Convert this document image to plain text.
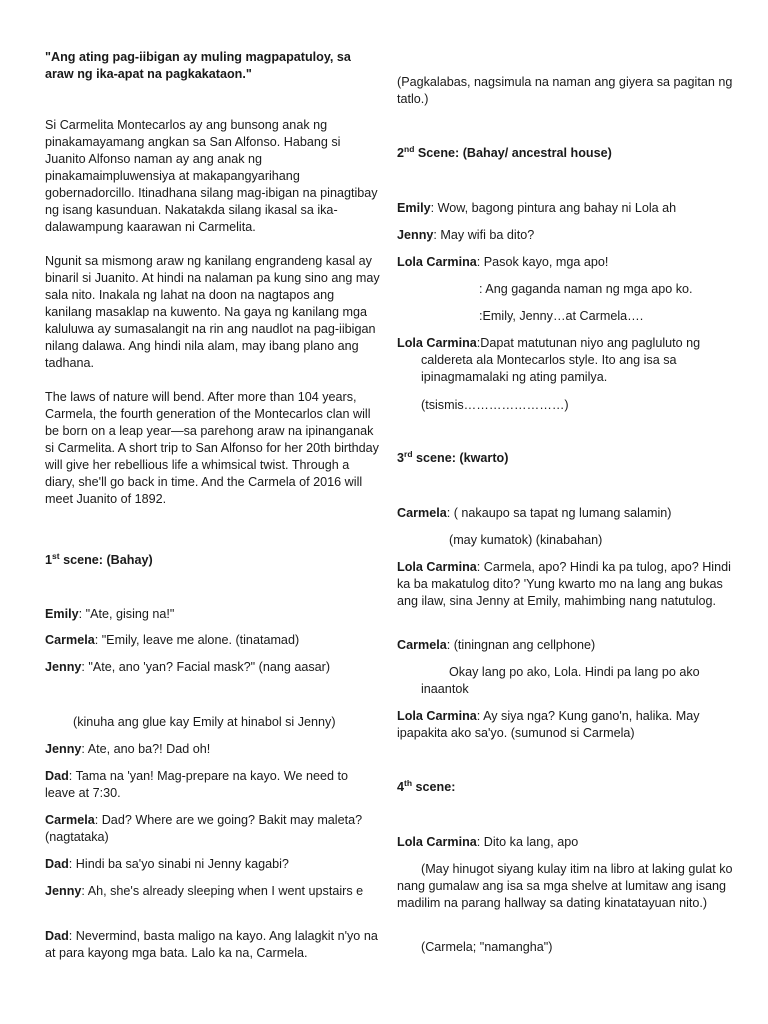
"Ang ating pag-iibigan ay muling magpapatuloy, sa araw ng ika-apat na pagkakataon."

Si Carmelita Montecarlos ay ang bunsong anak ng pinakamayamang angkan sa San Alfonso. Habang si Juanito Alfonso naman ay ang anak ng pinakamaimpluwensiya at makapangyarihang gobernadorcillo. Itinadhana silang mag-ibigan na pinagtibay ng isang kasunduan. Nakatakda silang ikasal sa ika-dalawampung kaarawan ni Carmelita.

Ngunit sa mismong araw ng kanilang engrandeng kasal ay binaril si Juanito. At hindi na nalaman pa kung sino ang may sala nito. Inakala ng lahat na doon na nagtapos ang kanilang masaklap na kuwento. Na gaya ng kanilang mga kaluluwa ay sumasalangit na rin ang naudlot na pag-iibigan nilang dalawa. Ang hindi nila alam, may ibang plano ang tadhana.

The laws of nature will bend. After more than 104 years, Carmela, the fourth generation of the Montecarlos clan will be born on a leap year—sa parehong araw na ipinanganak si Carmelita. A short trip to San Alfonso for her 20th birthday will give her rebellious life a whimsical twist. Through a diary, she'll go back in time. And the Carmela of 2016 will meet Juanito of 1892.

1st scene: (Bahay)

Emily: "Ate, gising na!"

Carmela: "Emily, leave me alone. (tinatamad)

Jenny: "Ate, ano 'yan? Facial mask?" (nang aasar)

(kinuha ang glue kay Emily at hinabol si Jenny)

Jenny: Ate, ano ba?! Dad oh!

Dad: Tama na 'yan! Mag-prepare na kayo. We need to leave at 7:30.

Carmela: Dad? Where are we going? Bakit may maleta? (nagtataka)

Dad: Hindi ba sa'yo sinabi ni Jenny kagabi?

Jenny: Ah, she's already sleeping when I went upstairs e

Dad: Nevermind, basta maligo na kayo. Ang lalagkit n'yo na at para kayong mga bata. Lalo ka na, Carmela.

(Pagkalabas, nagsimula na naman ang giyera sa pagitan ng tatlo.)

2nd Scene: (Bahay/ ancestral house)

Emily: Wow, bagong pintura ang bahay ni Lola ah

Jenny: May wifi ba dito?

Lola Carmina: Pasok kayo, mga apo!

: Ang gaganda naman ng mga apo ko.

:Emily, Jenny…at Carmela….

Lola Carmina:Dapat matutunan niyo ang pagluluto ng caldereta ala Montecarlos style. Ito ang isa sa ipinagmamalaki ng ating pamilya.

(tsismis……………………)

3rd scene: (kwarto)

Carmela: ( nakaupo sa tapat ng lumang salamin)

(may kumatok) (kinabahan)

Lola Carmina: Carmela, apo? Hindi ka pa tulog, apo? Hindi ka ba makatulog dito? 'Yung kwarto mo na lang ang bukas ang ilaw, sina Jenny at Emily, mahimbing nang natutulog.

Carmela: (tiningnan ang cellphone)

Okay lang po ako, Lola. Hindi pa lang po ako inaantok

Lola Carmina: Ay siya nga? Kung gano'n, halika. May ipapakita ako sa'yo. (sumunod si Carmela)

4th scene:

Lola Carmina: Dito ka lang, apo

(May hinugot siyang kulay itim na libro at laking gulat ko nang gumalaw ang isa sa mga shelve at lumitaw ang isang madilim na parang hallway sa dating kinatatayuan nito.)

(Carmela; "namangha")
